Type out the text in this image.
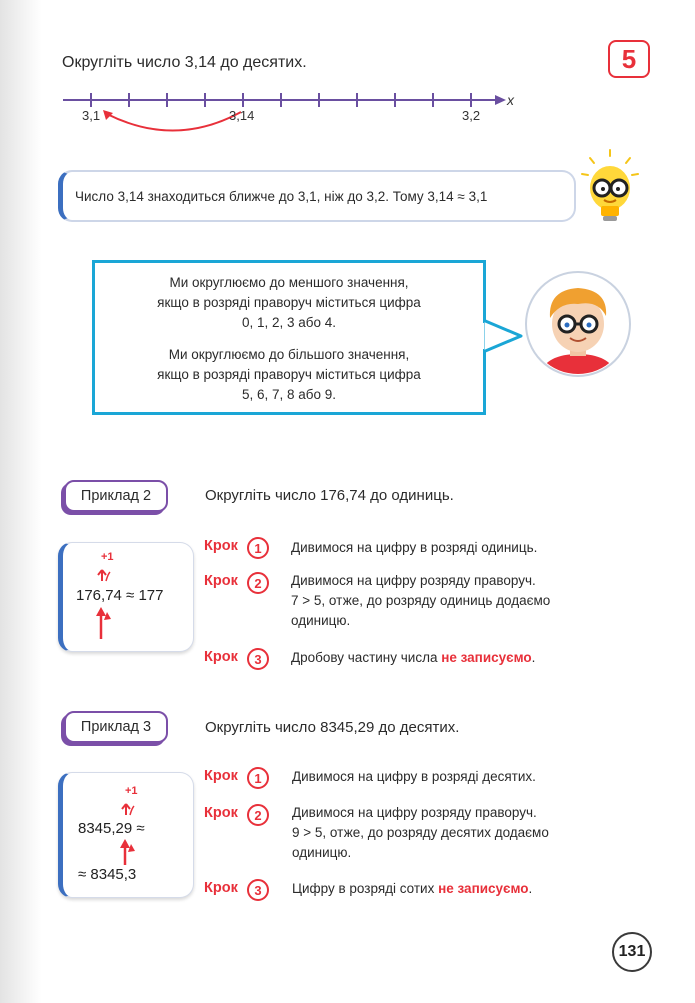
Округліть число 3,14 до десятих.	5
3,1	3,14	3,2
x
Число 3,14 знаходиться ближче до 3,1, ніж до 3,2. Тому 3,14 ≈ 3,1

Ми округлюємо до меншого значення,

якщо в розряді праворуч міститься цифра

0, 1, 2, 3 або 4.

Ми округлюємо до більшого значення,

якщо в розряді праворуч міститься цифра

5, 6, 7, 8 або 9.

Приклад 2	Округліть число 176,74 до одиниць.
+1
176,74 ≈ 177
Крок	1	Дивимося на цифру в розряді одиниць.
Крок	2	Дивимося на цифру розряду праворуч.
7 > 5, отже, до розряду одиниць додаємо
одиницю.
Крок	3	Дробову частину числа не записуємо.
Приклад 3	Округліть число 8345,29 до десятих.
+1
8345,29 ≈
≈ 8345,3
Крок	1	Дивимося на цифру в розряді десятих.
Крок	2	Дивимося на цифру розряду праворуч.
9 > 5, отже, до розряду десятих додаємо
одиницю.
Крок	3	Цифру в розряді сотих не записуємо.
131
